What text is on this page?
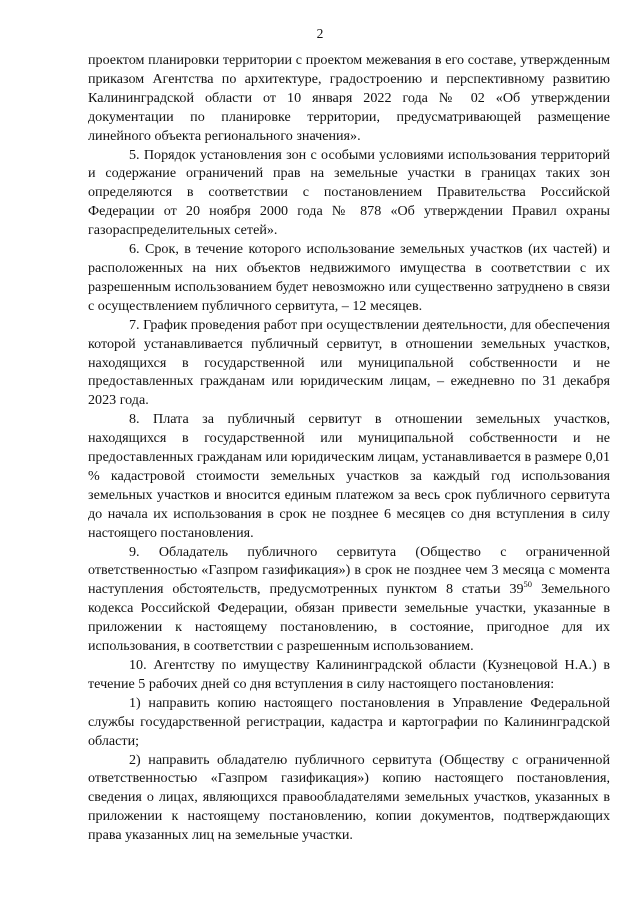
2

проектом планировки территории с проектом межевания в его составе, утвержденным приказом Агентства по архитектуре, градостроению и перспективному развитию Калининградской области от 10 января 2022 года № 02 «Об утверждении документации по планировке территории, предусматривающей размещение линейного объекта регионального значения».

5. Порядок установления зон с особыми условиями использования территорий и содержание ограничений прав на земельные участки в границах таких зон определяются в соответствии с постановлением Правительства Российской Федерации от 20 ноября 2000 года № 878 «Об утверждении Правил охраны газораспределительных сетей».

6. Срок, в течение которого использование земельных участков (их частей) и расположенных на них объектов недвижимого имущества в соответствии с их разрешенным использованием будет невозможно или существенно затруднено в связи с осуществлением публичного сервитута, – 12 месяцев.

7. График проведения работ при осуществлении деятельности, для обеспечения которой устанавливается публичный сервитут, в отношении земельных участков, находящихся в государственной или муниципальной собственности и не предоставленных гражданам или юридическим лицам, – ежедневно по 31 декабря 2023 года.

8. Плата за публичный сервитут в отношении земельных участков, находящихся в государственной или муниципальной собственности и не предоставленных гражданам или юридическим лицам, устанавливается в размере 0,01 % кадастровой стоимости земельных участков за каждый год использования земельных участков и вносится единым платежом за весь срок публичного сервитута до начала их использования в срок не позднее 6 месяцев со дня вступления в силу настоящего постановления.

9. Обладатель публичного сервитута (Общество с ограниченной ответственностью «Газпром газификация») в срок не позднее чем 3 месяца с момента наступления обстоятельств, предусмотренных пунктом 8 статьи $39^{50}$ Земельного кодекса Российской Федерации, обязан привести земельные участки, указанные в приложении к настоящему постановлению, в состояние, пригодное для их использования, в соответствии с разрешенным использованием.

10. Агентству по имуществу Калининградской области (Кузнецовой Н.А.) в течение 5 рабочих дней со дня вступления в силу настоящего постановления:

1) направить копию настоящего постановления в Управление Федеральной службы государственной регистрации, кадастра и картографии по Калининградской области;

2) направить обладателю публичного сервитута (Обществу с ограниченной ответственностью «Газпром газификация») копию настоящего постановления, сведения о лицах, являющихся правообладателями земельных участков, указанных в приложении к настоящему постановлению, копии документов, подтверждающих права указанных лиц на земельные участки.
